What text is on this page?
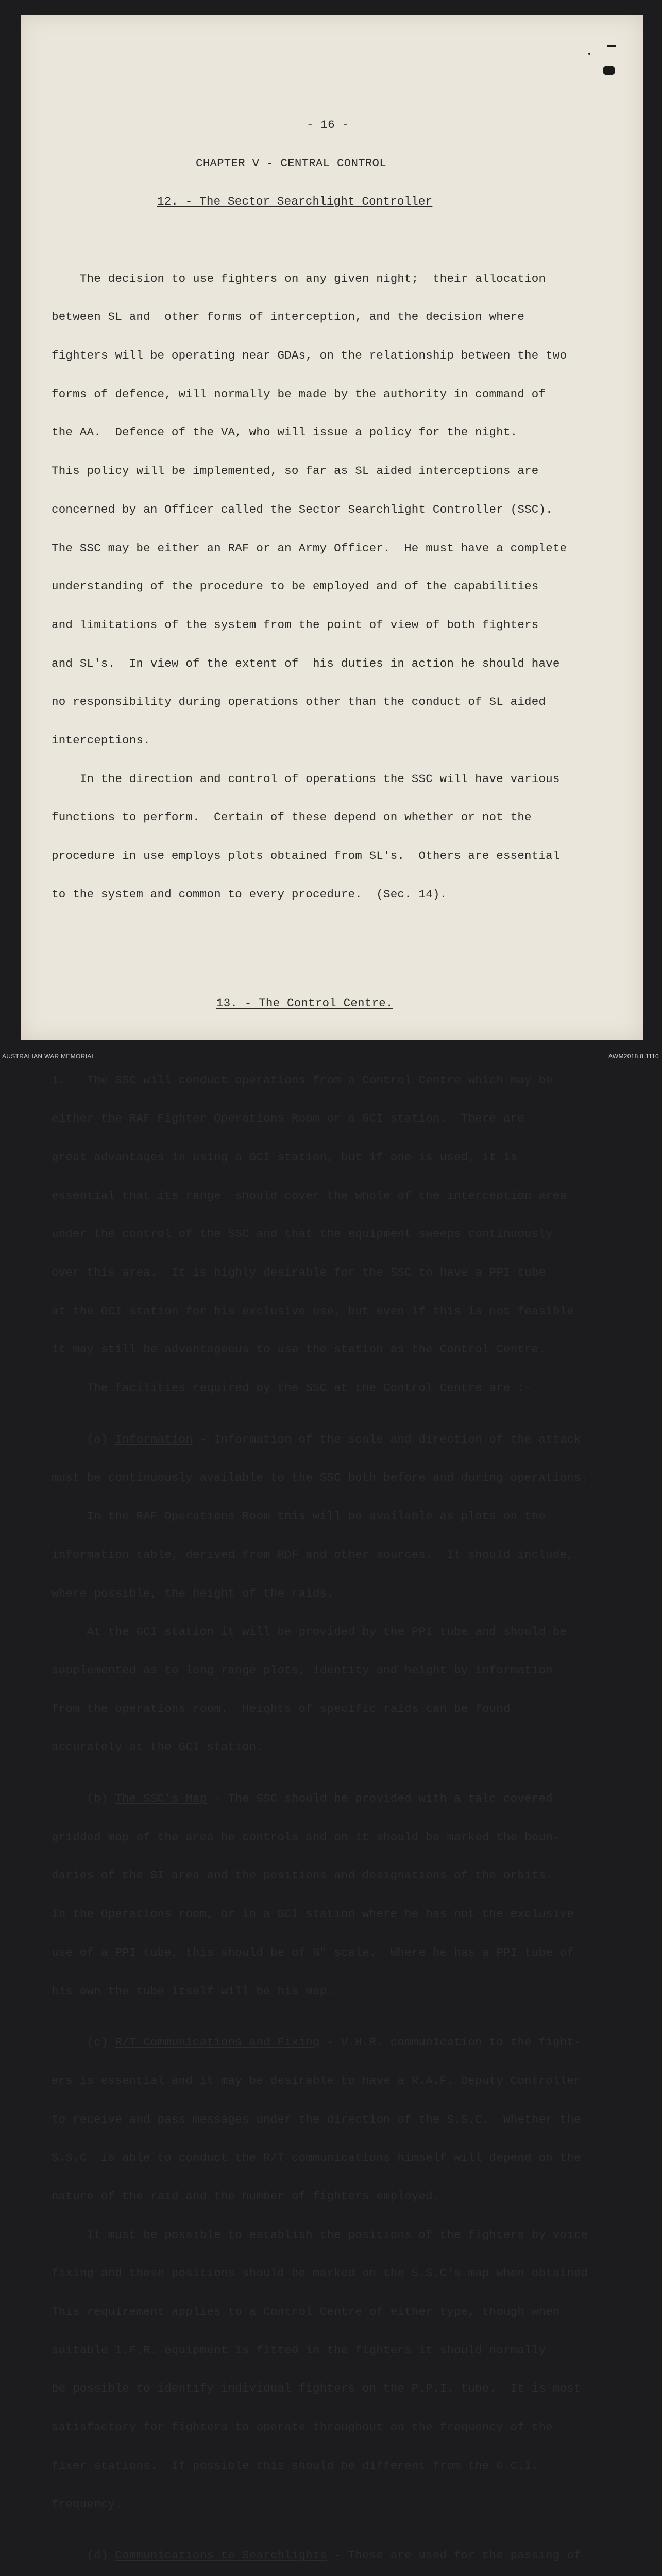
- 16 -

CHAPTER V - CENTRAL CONTROL

12. - The Sector Searchlight Controller

The decision to use fighters on any given night;  their allocation

between SL and  other forms of interception, and the decision where

fighters will be operating near GDAs, on the relationship between the two

forms of defence, will normally be made by the authority in command of

the AA.  Defence of the VA, who will issue a policy for the night.

This policy will be implemented, so far as SL aided interceptions are

concerned by an Officer called the Sector Searchlight Controller (SSC).

The SSC may be either an RAF or an Army Officer.  He must have a complete

understanding of the procedure to be employed and of the capabilities

and limitations of the system from the point of view of both fighters

and SL's.  In view of the extent of  his duties in action he should have

no responsibility during operations other than the conduct of SL aided

interceptions.

In the direction and control of operations the SSC will have various

functions to perform.  Certain of these depend on whether or not the

procedure in use employs plots obtained from SL's.  Others are essential

to the system and common to every procedure.  (Sec. 14).

13. - The Control Centre.

1.   The SSC will conduct operations from a Control Centre which may be

either the RAF Fighter Operations Room or a GCI station.  There are

great advantages in using a GCI station, but if one is used, it is

essential that its range  should cover the whole of the interception area

under the control of the SSC and that the equipment sweeps continuously

over this area.  It is highly desirable for the SSC to have a PPI tube

at the GCI station for his exclusive use, but even if this is not feasible

it may still be advantageous to use the station as the Control Centre.

The facilities required by the SSC at the Control Centre are :-

(a) Information - Information of the scale and direction of the attack

must be continuously available to the SSC both before and during operations.

In the RAF Operations Room this will be available as plots on the

information table, derived from RDF and other sources.  It should include,

where possible, the height of the raids.

At the GCI station it will be provided by the PPI tube and should be

supplemented as to long range plots, identity and height by information

from the operations room.  Heights of specific raids can be found

accurately at the GCI station.

(b) The SSC's Map - The SSC should be provided with a talc covered

gridded map of the area he controls and on it should be marked the boun-

daries of the SI area and the positions and designations of the orbits.

In the Operations room, or in a GCI station where he has not the exclusive

use of a PPI tube, this should be of ¼" scale.  Where he has a PPI tube of

his own the tube itself will be his map.

(c) R/T Communications and Fixing - V.H.R. communication to the fight-

ers is essential and it may be desirable to have a R.A.F. Deputy Controller

to receive and pass messages under the direction of the S.S.C.  Whether the

S.S.C. is able to conduct the R/T communications himself will depend on the

nature of the raid and the number of fighters employed.

It must be possible to establish the positions of the fighters by voice

fixing and these positions should be marked on the S.S.C's map when obtained

This requirement applies to a Control Centre of either type, though when

suitable I.F.R. equipment is fitted in the fighters it should normally

be possible to identify individual fighters on the P.P.I. tube.  It is most

satisfactory for fighters to operate throughout on the frequency of the

fixer stations.  If possible this should be different from the G.C.I.

frequency.

(d) Communications to Searchlights - These are used for the passing of

AUSTRALIAN WAR MEMORIAL	AWM2018.8.1110
